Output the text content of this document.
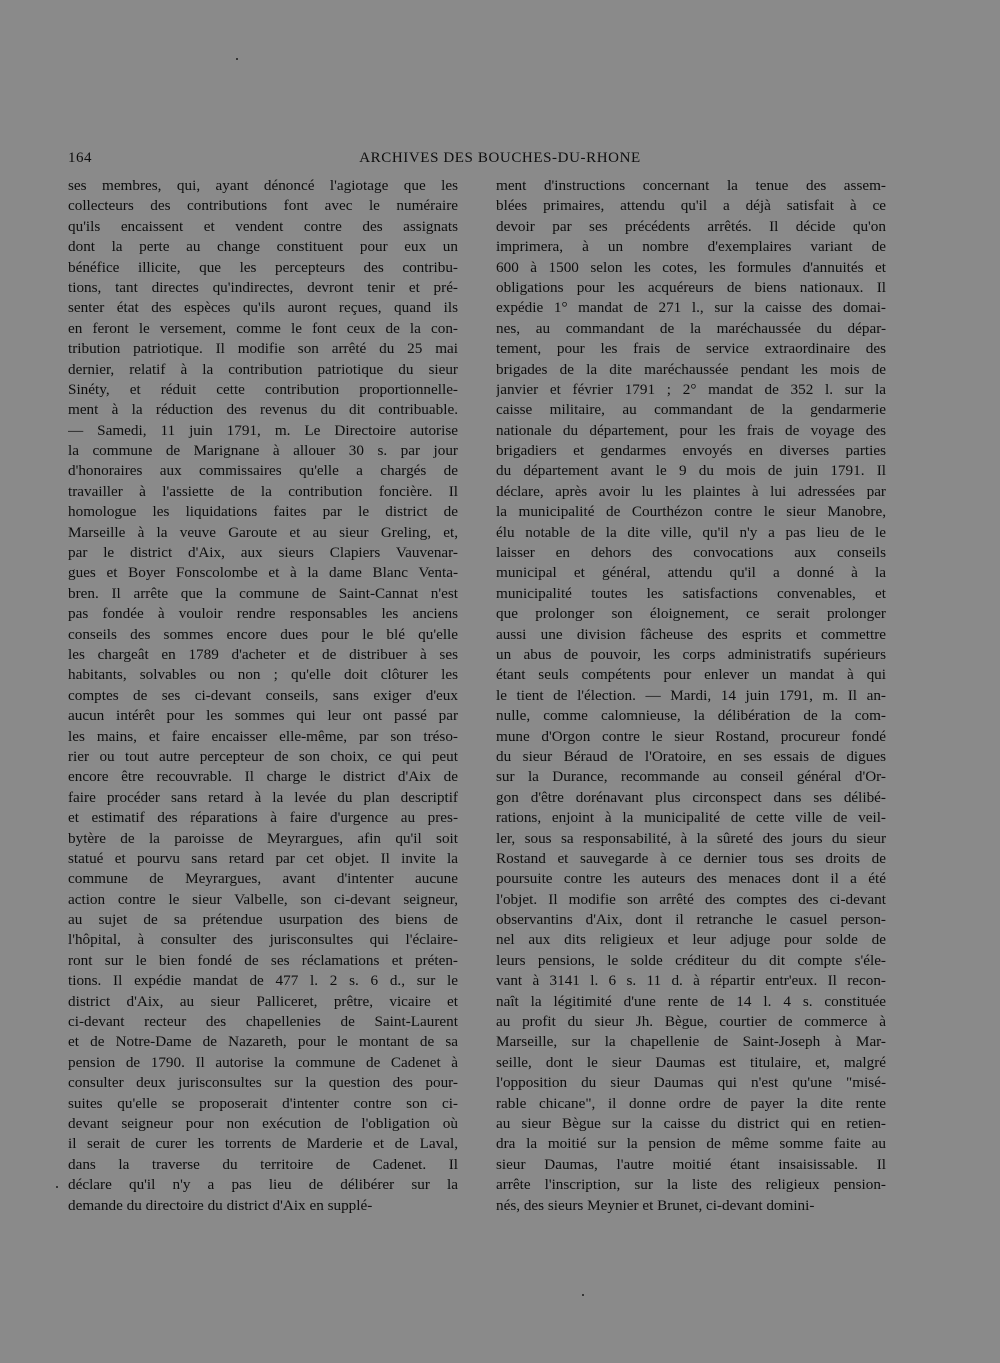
164	ARCHIVES DES BOUCHES-DU-RHONE
ses membres, qui, ayant dénoncé l'agiotage que les
collecteurs des contributions font avec le numéraire
qu'ils encaissent et vendent contre des assignats
dont la perte au change constituent pour eux un
bénéfice illicite, que les percepteurs des contribu-
tions, tant directes qu'indirectes, devront tenir et pré-
senter état des espèces qu'ils auront reçues, quand ils
en feront le versement, comme le font ceux de la con-
tribution patriotique. Il modifie son arrêté du 25 mai
dernier, relatif à la contribution patriotique du sieur
Sinéty, et réduit cette contribution proportionnelle-
ment à la réduction des revenus du dit contribuable.
— Samedi, 11 juin 1791, m. Le Directoire autorise
la commune de Marignane à allouer 30 s. par jour
d'honoraires aux commissaires qu'elle a chargés de
travailler à l'assiette de la contribution foncière. Il
homologue les liquidations faites par le district de
Marseille à la veuve Garoute et au sieur Greling, et,
par le district d'Aix, aux sieurs Clapiers Vauvenar-
gues et Boyer Fonscolombe et à la dame Blanc Venta-
bren. Il arrête que la commune de Saint-Cannat n'est
pas fondée à vouloir rendre responsables les anciens
conseils des sommes encore dues pour le blé qu'elle
les chargeât en 1789 d'acheter et de distribuer à ses
habitants, solvables ou non ; qu'elle doit clôturer les
comptes de ses ci-devant conseils, sans exiger d'eux
aucun intérêt pour les sommes qui leur ont passé par
les mains, et faire encaisser elle-même, par son tréso-
rier ou tout autre percepteur de son choix, ce qui peut
encore être recouvrable. Il charge le district d'Aix de
faire procéder sans retard à la levée du plan descriptif
et estimatif des réparations à faire d'urgence au pres-
bytère de la paroisse de Meyrargues, afin qu'il soit
statué et pourvu sans retard par cet objet. Il invite la
commune de Meyrargues, avant d'intenter aucune
action contre le sieur Valbelle, son ci-devant seigneur,
au sujet de sa prétendue usurpation des biens de
l'hôpital, à consulter des jurisconsultes qui l'éclaire-
ront sur le bien fondé de ses réclamations et préten-
tions. Il expédie mandat de 477 l. 2 s. 6 d., sur le
district d'Aix, au sieur Palliceret, prêtre, vicaire et
ci-devant recteur des chapellenies de Saint-Laurent
et de Notre-Dame de Nazareth, pour le montant de sa
pension de 1790. Il autorise la commune de Cadenet à
consulter deux jurisconsultes sur la question des pour-
suites qu'elle se proposerait d'intenter contre son ci-
devant seigneur pour non exécution de l'obligation où
il serait de curer les torrents de Marderie et de Laval,
dans la traverse du territoire de Cadenet. Il
déclare qu'il n'y a pas lieu de délibérer sur la
demande du directoire du district d'Aix en supplé-
ment d'instructions concernant la tenue des assem-
blées primaires, attendu qu'il a déjà satisfait à ce
devoir par ses précédents arrêtés. Il décide qu'on
imprimera, à un nombre d'exemplaires variant de
600 à 1500 selon les cotes, les formules d'annuités et
obligations pour les acquéreurs de biens nationaux. Il
expédie 1° mandat de 271 l., sur la caisse des domai-
nes, au commandant de la maréchaussée du dépar-
tement, pour les frais de service extraordinaire des
brigades de la dite maréchaussée pendant les mois de
janvier et février 1791 ; 2° mandat de 352 l. sur la
caisse militaire, au commandant de la gendarmerie
nationale du département, pour les frais de voyage des
brigadiers et gendarmes envoyés en diverses parties
du département avant le 9 du mois de juin 1791. Il
déclare, après avoir lu les plaintes à lui adressées par
la municipalité de Courthézon contre le sieur Manobre,
élu notable de la dite ville, qu'il n'y a pas lieu de le
laisser en dehors des convocations aux conseils
municipal et général, attendu qu'il a donné à la
municipalité toutes les satisfactions convenables, et
que prolonger son éloignement, ce serait prolonger
aussi une division fâcheuse des esprits et commettre
un abus de pouvoir, les corps administratifs supérieurs
étant seuls compétents pour enlever un mandat à qui
le tient de l'élection. — Mardi, 14 juin 1791, m. Il an-
nulle, comme calomnieuse, la délibération de la com-
mune d'Orgon contre le sieur Rostand, procureur fondé
du sieur Béraud de l'Oratoire, en ses essais de digues
sur la Durance, recommande au conseil général d'Or-
gon d'être dorénavant plus circonspect dans ses délibé-
rations, enjoint à la municipalité de cette ville de veil-
ler, sous sa responsabilité, à la sûreté des jours du sieur
Rostand et sauvegarde à ce dernier tous ses droits de
poursuite contre les auteurs des menaces dont il a été
l'objet. Il modifie son arrêté des comptes des ci-devant
observantins d'Aix, dont il retranche le casuel person-
nel aux dits religieux et leur adjuge pour solde de
leurs pensions, le solde créditeur du dit compte s'éle-
vant à 3141 l. 6 s. 11 d. à répartir entr'eux. Il recon-
naît la légitimité d'une rente de 14 l. 4 s. constituée
au profit du sieur Jh. Bègue, courtier de commerce à
Marseille, sur la chapellenie de Saint-Joseph à Mar-
seille, dont le sieur Daumas est titulaire, et, malgré
l'opposition du sieur Daumas qui n'est qu'une "misé-
rable chicane", il donne ordre de payer la dite rente
au sieur Bègue sur la caisse du district qui en retien-
dra la moitié sur la pension de même somme faite au
sieur Daumas, l'autre moitié étant insaisissable. Il
arrête l'inscription, sur la liste des religieux pension-
nés, des sieurs Meynier et Brunet, ci-devant domini-
